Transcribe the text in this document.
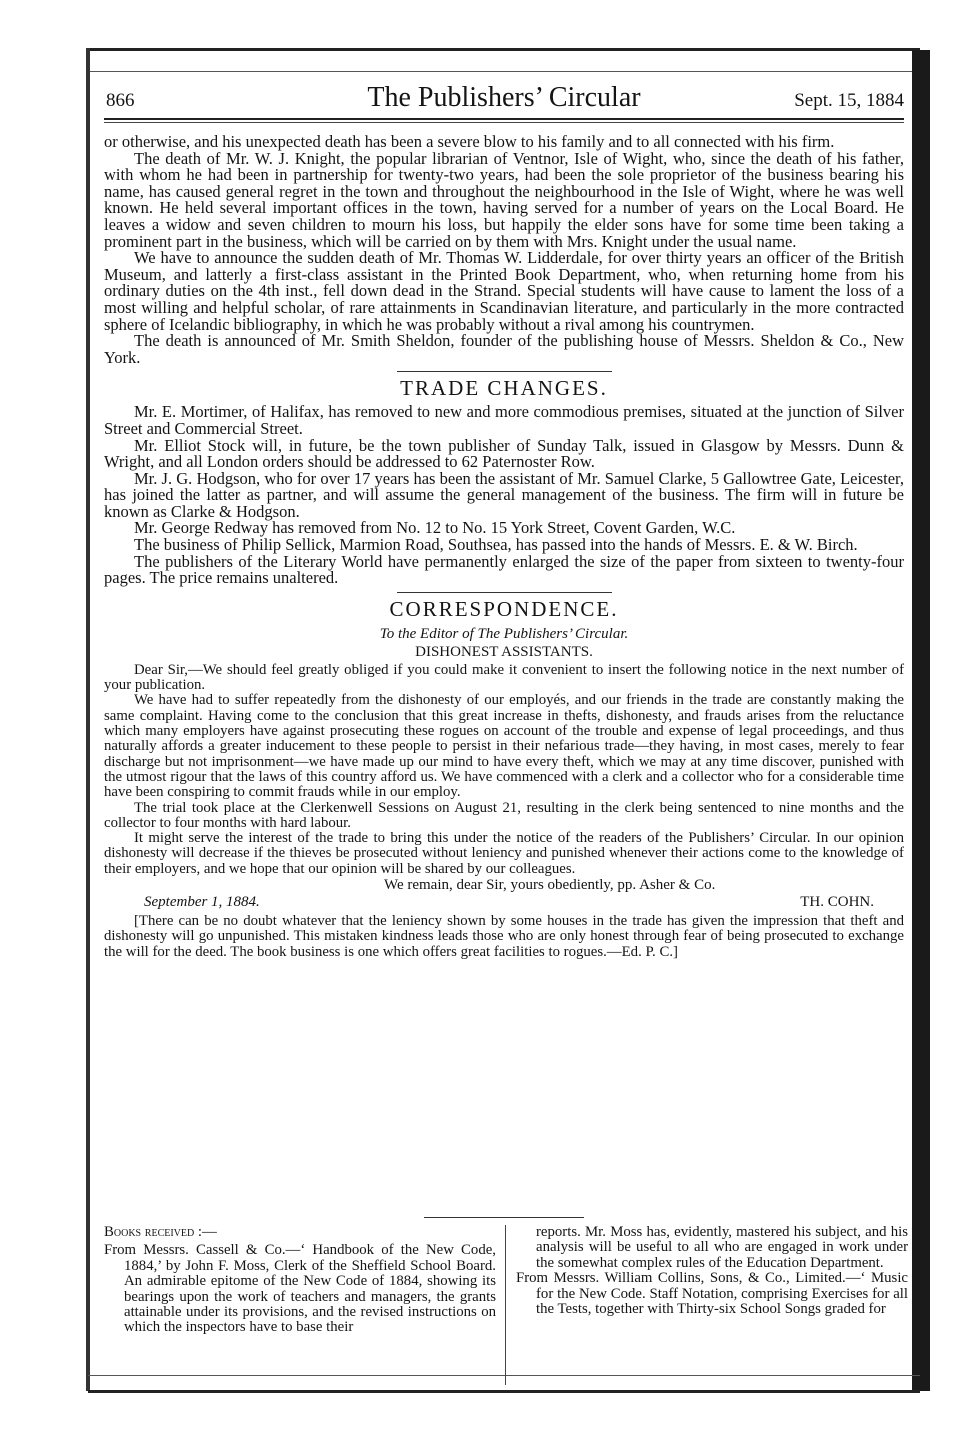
866	The Publishers’ Circular	Sept. 15, 1884

or otherwise, and his unexpected death has been a severe blow to his family and to all connected with his firm.

The death of Mr. W. J. Knight, the popular librarian of Ventnor, Isle of Wight, who, since the death of his father, with whom he had been in partnership for twenty-two years, had been the sole proprietor of the business bearing his name, has caused general regret in the town and throughout the neighbourhood in the Isle of Wight, where he was well known. He held several important offices in the town, having served for a number of years on the Local Board. He leaves a widow and seven children to mourn his loss, but happily the elder sons have for some time been taking a prominent part in the business, which will be carried on by them with Mrs. Knight under the usual name.

We have to announce the sudden death of Mr. Thomas W. Lidderdale, for over thirty years an officer of the British Museum, and latterly a first-class assistant in the Printed Book Department, who, when returning home from his ordinary duties on the 4th inst., fell down dead in the Strand. Special students will have cause to lament the loss of a most willing and helpful scholar, of rare attainments in Scandinavian literature, and particularly in the more contracted sphere of Icelandic bibliography, in which he was probably without a rival among his countrymen.

The death is announced of Mr. Smith Sheldon, founder of the publishing house of Messrs. Sheldon & Co., New York.

TRADE CHANGES.

Mr. E. Mortimer, of Halifax, has removed to new and more commodious premises, situated at the junction of Silver Street and Commercial Street.

Mr. Elliot Stock will, in future, be the town publisher of Sunday Talk, issued in Glasgow by Messrs. Dunn & Wright, and all London orders should be addressed to 62 Paternoster Row.

Mr. J. G. Hodgson, who for over 17 years has been the assistant of Mr. Samuel Clarke, 5 Gallowtree Gate, Leicester, has joined the latter as partner, and will assume the general management of the business. The firm will in future be known as Clarke & Hodgson.

Mr. George Redway has removed from No. 12 to No. 15 York Street, Covent Garden, W.C.

The business of Philip Sellick, Marmion Road, Southsea, has passed into the hands of Messrs. E. & W. Birch.

The publishers of the Literary World have permanently enlarged the size of the paper from sixteen to twenty-four pages. The price remains unaltered.

CORRESPONDENCE.
To the Editor of The Publishers’ Circular.
DISHONEST ASSISTANTS.

Dear Sir,—We should feel greatly obliged if you could make it convenient to insert the following notice in the next number of your publication.

We have had to suffer repeatedly from the dishonesty of our employés, and our friends in the trade are constantly making the same complaint. Having come to the conclusion that this great increase in thefts, dishonesty, and frauds arises from the reluctance which many employers have against prosecuting these rogues on account of the trouble and expense of legal proceedings, and thus naturally affords a greater inducement to these people to persist in their nefarious trade—they having, in most cases, merely to fear discharge but not imprisonment—we have made up our mind to have every theft, which we may at any time discover, punished with the utmost rigour that the laws of this country afford us. We have commenced with a clerk and a collector who for a considerable time have been conspiring to commit frauds while in our employ.

The trial took place at the Clerkenwell Sessions on August 21, resulting in the clerk being sentenced to nine months and the collector to four months with hard labour.

It might serve the interest of the trade to bring this under the notice of the readers of the Publishers’ Circular. In our opinion dishonesty will decrease if the thieves be prosecuted without leniency and punished whenever their actions come to the knowledge of their employers, and we hope that our opinion will be shared by our colleagues.

We remain, dear Sir, yours obediently, pp. Asher & Co.
September 1, 1884.	TH. COHN.

[There can be no doubt whatever that the leniency shown by some houses in the trade has given the impression that theft and dishonesty will go unpunished. This mistaken kindness leads those who are only honest through fear of being prosecuted to exchange the will for the deed. The book business is one which offers great facilities to rogues.—Ed. P. C.]

Books received :—

From Messrs. Cassell & Co.—‘ Handbook of the New Code, 1884,’ by John F. Moss, Clerk of the Sheffield School Board. An admirable epitome of the New Code of 1884, showing its bearings upon the work of teachers and managers, the grants attainable under its provisions, and the revised instructions on which the inspectors have to base their

reports. Mr. Moss has, evidently, mastered his subject, and his analysis will be useful to all who are engaged in work under the somewhat complex rules of the Education Department.

From Messrs. William Collins, Sons, & Co., Limited.—‘ Music for the New Code. Staff Notation, comprising Exercises for all the Tests, together with Thirty-six School Songs graded for
